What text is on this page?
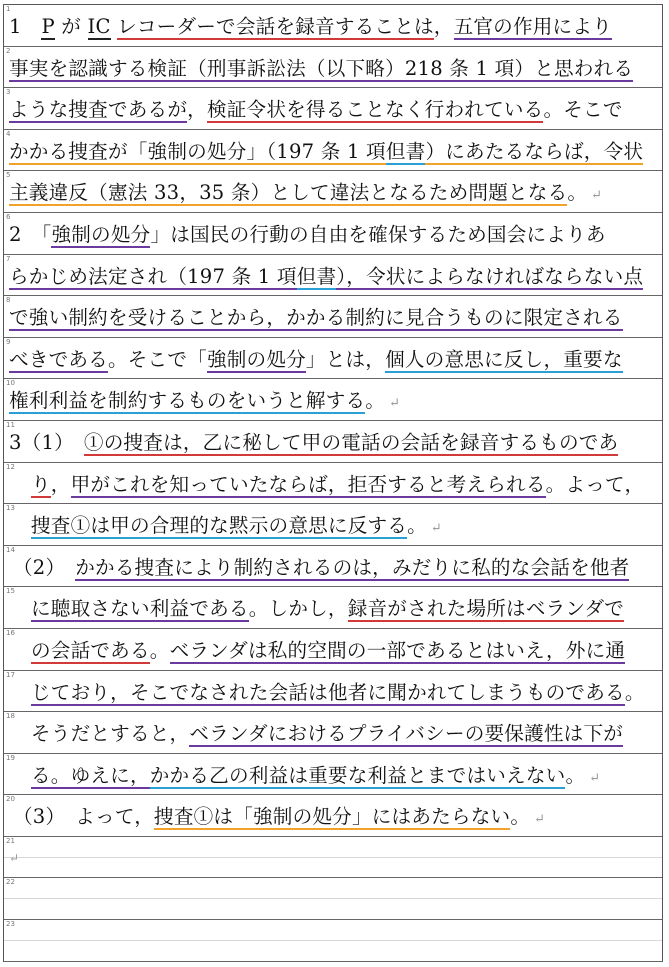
1
1　P が IC レコーダーで会話を録音することは，五官の作用により
2
事実を認識する検証（刑事訴訟法（以下略）218 条 1 項）と思われる
3
ような捜査であるが，検証令状を得ることなく行われている。そこで
4
かかる捜査が「強制の処分」（197 条 1 項但書）にあたるならば，令状
5
主義違反（憲法 33，35 条）として違法となるため問題となる。 ↵
6
2　「強制の処分」は国民の行動の自由を確保するため国会によりあ
7
らかじめ法定され（197 条 1 項但書），令状によらなければならない点
8
で強い制約を受けることから，かかる制約に見合うものに限定される
9
べきである。そこで「強制の処分」とは，個人の意思に反し，重要な
10
権利利益を制約するものをいうと解する。 ↵
11
3（1）　①の捜査は，乙に秘して甲の電話の会話を録音するものであ
12
り，甲がこれを知っていたならば，拒否すると考えられる。よって，
13
捜査①は甲の合理的な黙示の意思に反する。 ↵
14
（2）　かかる捜査により制約されるのは，みだりに私的な会話を他者
15
に聴取さない利益である。しかし，録音がされた場所はベランダで
16
の会話である。ベランダは私的空間の一部であるとはいえ，外に通
17
じており，そこでなされた会話は他者に聞かれてしまうものである。
18
そうだとすると，ベランダにおけるプライバシーの要保護性は下が
19
る。ゆえに，かかる乙の利益は重要な利益とまではいえない。 ↵
20
（3）　よって，捜査①は「強制の処分」にはあたらない。 ↵
21
↵
22
23
